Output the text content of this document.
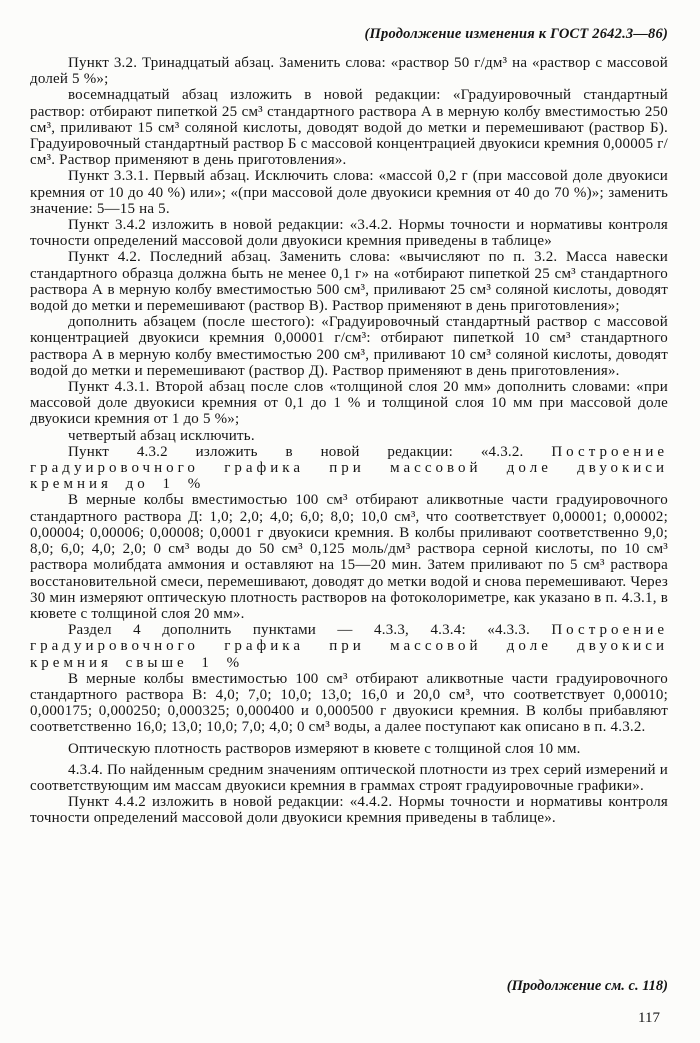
(Продолжение изменения к ГОСТ 2642.3—86)

Пункт 3.2. Тринадцатый абзац. Заменить слова: «раствор 50 г/дм³ на «раствор с массовой долей 5 %»;

восемнадцатый абзац изложить в новой редакции: «Градуировочный стандартный раствор: отбирают пипеткой 25 см³ стандартного раствора А в мерную колбу вместимостью 250 см³, приливают 15 см³ соляной кислоты, доводят водой до метки и перемешивают (раствор Б). Градуировочный стандартный раствор Б с массовой концентрацией двуокиси кремния 0,00005 г/см³. Раствор применяют в день приготовления».

Пункт 3.3.1. Первый абзац. Исключить слова: «массой 0,2 г (при массовой доле двуокиси кремния от 10 до 40 %) или»; «(при массовой доле двуокиси кремния от 40 до 70 %)»; заменить значение: 5—15 на 5.

Пункт 3.4.2 изложить в новой редакции: «3.4.2. Нормы точности и нормативы контроля точности определений массовой доли двуокиси кремния приведены в таблице»

Пункт 4.2. Последний абзац. Заменить слова: «вычисляют по п. 3.2. Масса навески стандартного образца должна быть не менее 0,1 г» на «отбирают пипеткой 25 см³ стандартного раствора А в мерную колбу вместимостью 500 см³, приливают 25 см³ соляной кислоты, доводят водой до метки и перемешивают (раствор В). Раствор применяют в день приготовления»;

дополнить абзацем (после шестого): «Градуировочный стандартный раствор с массовой концентрацией двуокиси кремния 0,00001 г/см³: отбирают пипеткой 10 см³ стандартного раствора А в мерную колбу вместимостью 200 см³, приливают 10 см³ соляной кислоты, доводят водой до метки и перемешивают (раствор Д). Раствор применяют в день приготовления».

Пункт 4.3.1. Второй абзац после слов «толщиной слоя 20 мм» дополнить словами: «при массовой доле двуокиси кремния от 0,1 до 1 % и толщиной слоя 10 мм при массовой доле двуокиси кремния от 1 до 5 %»;

четвертый абзац исключить.

Пункт 4.3.2 изложить в новой редакции: «4.3.2. Построение градуировочного графика при массовой доле двуокиси кремния до 1 %

В мерные колбы вместимостью 100 см³ отбирают аликвотные части градуировочного стандартного раствора Д: 1,0; 2,0; 4,0; 6,0; 8,0; 10,0 см³, что соответствует 0,00001; 0,00002; 0,00004; 0,00006; 0,00008; 0,0001 г двуокиси кремния. В колбы приливают соответственно 9,0; 8,0; 6,0; 4,0; 2,0; 0 см³ воды до 50 см³ 0,125 моль/дм³ раствора серной кислоты, по 10 см³ раствора молибдата аммония и оставляют на 15—20 мин. Затем приливают по 5 см³ раствора восстановительной смеси, перемешивают, доводят до метки водой и снова перемешивают. Через 30 мин измеряют оптическую плотность растворов на фотоколориметре, как указано в п. 4.3.1, в кювете с толщиной слоя 20 мм».

Раздел 4 дополнить пунктами — 4.3.3, 4.3.4: «4.3.3. Построение градуировочного графика при массовой доле двуокиси кремния свыше 1 %

В мерные колбы вместимостью 100 см³ отбирают аликвотные части градуировочного стандартного раствора В: 4,0; 7,0; 10,0; 13,0; 16,0 и 20,0 см³, что соответствует 0,00010; 0,000175; 0,000250; 0,000325; 0,000400 и 0,000500 г двуокиси кремния. В колбы прибавляют соответственно 16,0; 13,0; 10,0; 7,0; 4,0; 0 см³ воды, а далее поступают как описано в п. 4.3.2.

Оптическую плотность растворов измеряют в кювете с толщиной слоя 10 мм.

4.3.4. По найденным средним значениям оптической плотности из трех серий измерений и соответствующим им массам двуокиси кремния в граммах строят градуировочные графики».

Пункт 4.4.2 изложить в новой редакции: «4.4.2. Нормы точности и нормативы контроля точности определений массовой доли двуокиси кремния приведены в таблице».

(Продолжение см. с. 118)
117
